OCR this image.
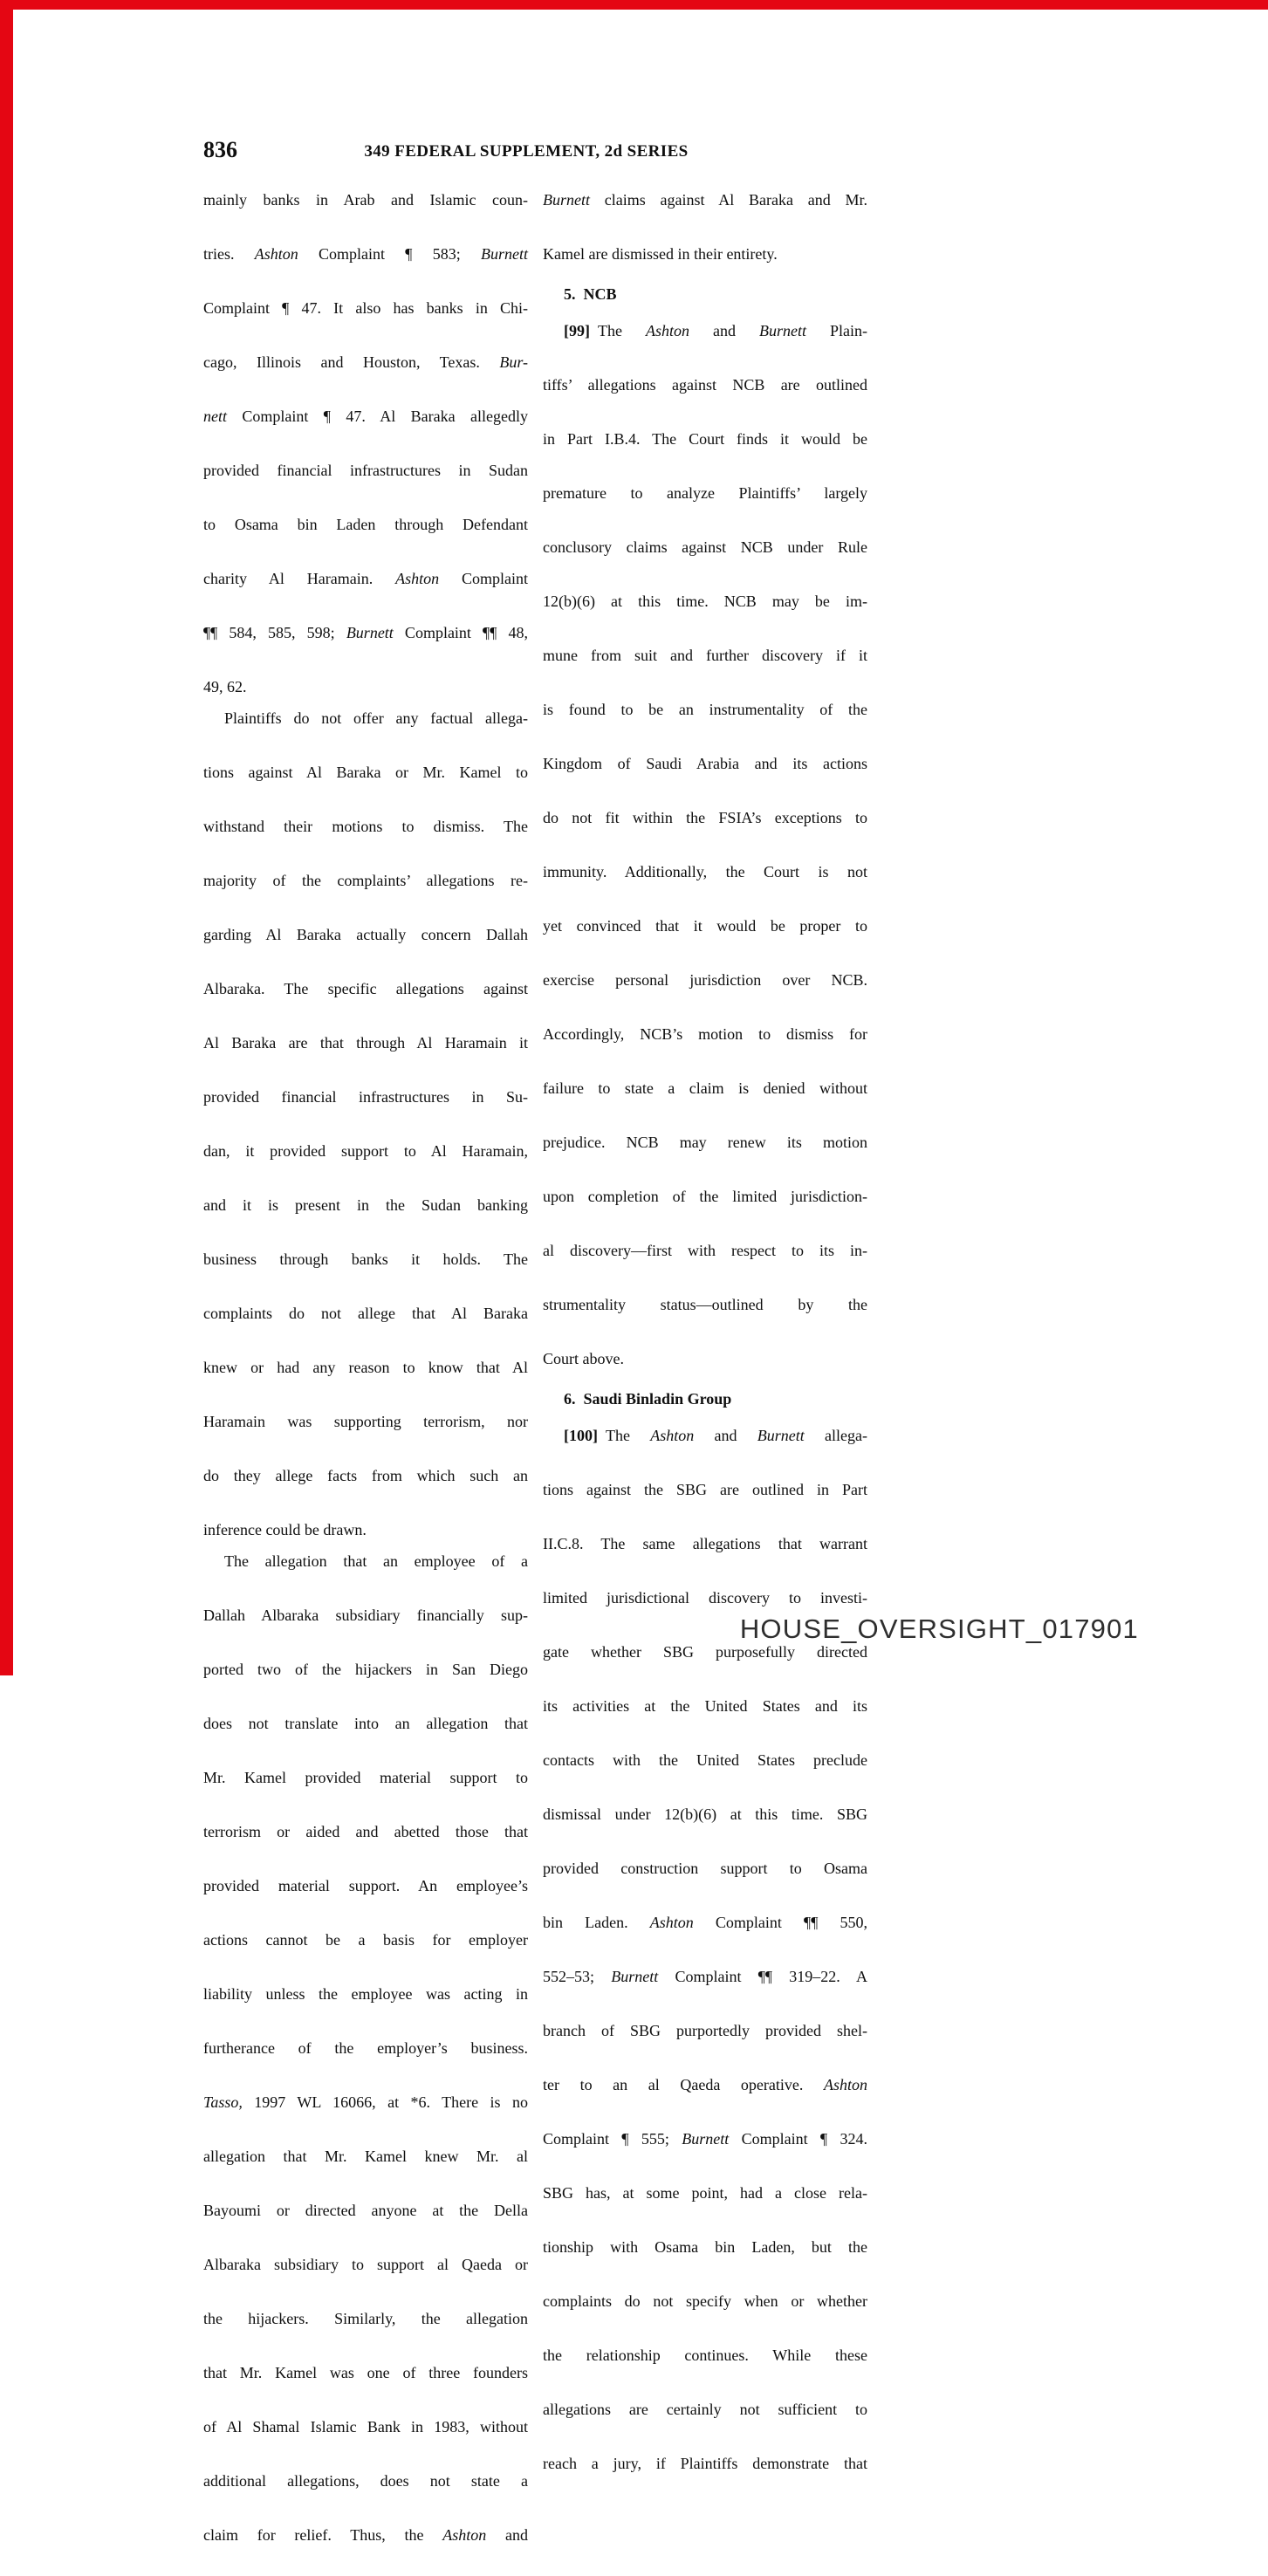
836	349 FEDERAL SUPPLEMENT, 2d SERIES
mainly banks in Arab and Islamic coun-
tries. Ashton Complaint ¶ 583; Burnett
Complaint ¶ 47. It also has banks in Chi-
cago, Illinois and Houston, Texas. Bur-
nett Complaint ¶ 47. Al Baraka allegedly
provided financial infrastructures in Sudan
to Osama bin Laden through Defendant
charity Al Haramain. Ashton Complaint
¶¶ 584, 585, 598; Burnett Complaint ¶¶ 48,
49, 62.
Plaintiffs do not offer any factual allega-
tions against Al Baraka or Mr. Kamel to
withstand their motions to dismiss. The
majority of the complaints’ allegations re-
garding Al Baraka actually concern Dallah
Albaraka. The specific allegations against
Al Baraka are that through Al Haramain it
provided financial infrastructures in Su-
dan, it provided support to Al Haramain,
and it is present in the Sudan banking
business through banks it holds. The
complaints do not allege that Al Baraka
knew or had any reason to know that Al
Haramain was supporting terrorism, nor
do they allege facts from which such an
inference could be drawn.
The allegation that an employee of a
Dallah Albaraka subsidiary financially sup-
ported two of the hijackers in San Diego
does not translate into an allegation that
Mr. Kamel provided material support to
terrorism or aided and abetted those that
provided material support. An employee’s
actions cannot be a basis for employer
liability unless the employee was acting in
furtherance of the employer’s business.
Tasso, 1997 WL 16066, at *6. There is no
allegation that Mr. Kamel knew Mr. al
Bayoumi or directed anyone at the Della
Albaraka subsidiary to support al Qaeda or
the hijackers. Similarly, the allegation
that Mr. Kamel was one of three founders
of Al Shamal Islamic Bank in 1983, without
additional allegations, does not state a
claim for relief. Thus, the Ashton and
Burnett claims against Al Baraka and Mr.
Kamel are dismissed in their entirety.
5.  NCB
[99] The Ashton and Burnett Plain-
tiffs’ allegations against NCB are outlined
in Part I.B.4. The Court finds it would be
premature to analyze Plaintiffs’ largely
conclusory claims against NCB under Rule
12(b)(6) at this time. NCB may be im-
mune from suit and further discovery if it
is found to be an instrumentality of the
Kingdom of Saudi Arabia and its actions
do not fit within the FSIA’s exceptions to
immunity. Additionally, the Court is not
yet convinced that it would be proper to
exercise personal jurisdiction over NCB.
Accordingly, NCB’s motion to dismiss for
failure to state a claim is denied without
prejudice. NCB may renew its motion
upon completion of the limited jurisdiction-
al discovery—first with respect to its in-
strumentality status—outlined by the
Court above.
6.  Saudi Binladin Group
[100] The Ashton and Burnett allega-
tions against the SBG are outlined in Part
II.C.8. The same allegations that warrant
limited jurisdictional discovery to investi-
gate whether SBG purposefully directed
its activities at the United States and its
contacts with the United States preclude
dismissal under 12(b)(6) at this time. SBG
provided construction support to Osama
bin Laden. Ashton Complaint ¶¶ 550,
552–53; Burnett Complaint ¶¶ 319–22. A
branch of SBG purportedly provided shel-
ter to an al Qaeda operative. Ashton
Complaint ¶ 555; Burnett Complaint ¶ 324.
SBG has, at some point, had a close rela-
tionship with Osama bin Laden, but the
complaints do not specify when or whether
the relationship continues. While these
allegations are certainly not sufficient to
reach a jury, if Plaintiffs demonstrate that
HOUSE_OVERSIGHT_017901
